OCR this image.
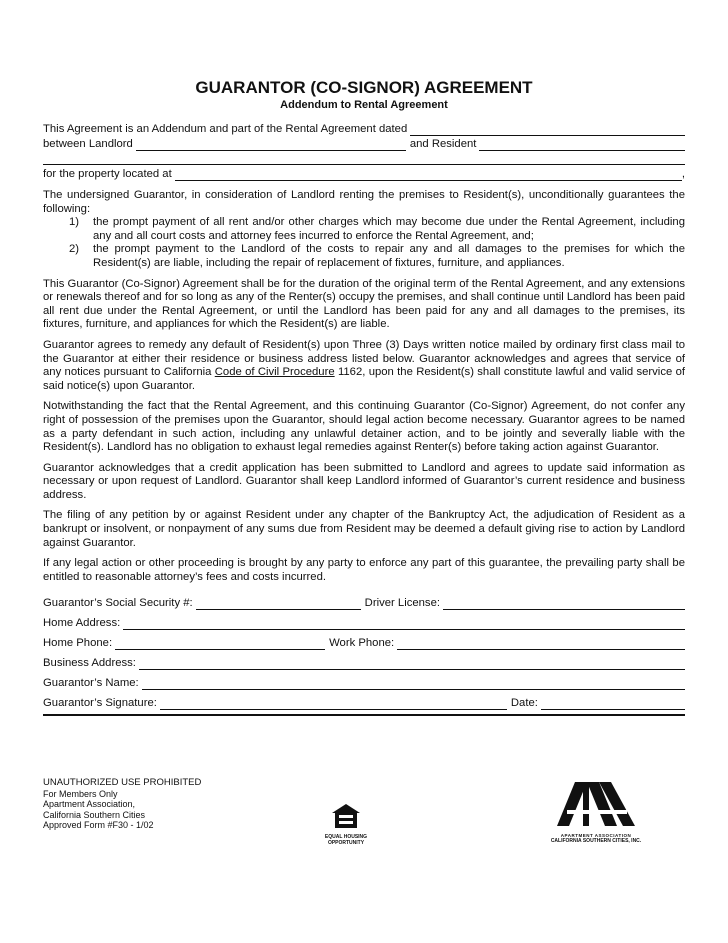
GUARANTOR (CO-SIGNOR) AGREEMENT

Addendum to Rental Agreement

This Agreement is an Addendum and part of the Rental Agreement dated
between Landlord	and Resident
for the property located at	,

The undersigned Guarantor, in consideration of Landlord renting the premises to Resident(s), unconditionally guarantees the following:

1)	the prompt payment of all rent and/or other charges which may become due under the Rental Agreement, including any and all court costs and attorney fees incurred to enforce the Rental Agreement, and;
2)	the prompt payment to the Landlord of the costs to repair any and all damages to the premises for which the Resident(s) are liable, including the repair of replacement of fixtures, furniture, and appliances.

This Guarantor (Co-Signor) Agreement shall be for the duration of the original term of the Rental Agreement, and any extensions or renewals thereof and for so long as any of the Renter(s) occupy the premises, and shall continue until Landlord has been paid all rent due under the Rental Agreement, or until the Landlord has been paid for any and all damages to the premises, its fixtures, furniture, and appliances for which the Resident(s) are liable.

Guarantor agrees to remedy any default of Resident(s) upon Three (3) Days written notice mailed by ordinary first class mail to the Guarantor at either their residence or business address listed below. Guarantor acknowledges and agrees that service of any notices pursuant to California Code of Civil Procedure 1162, upon the Resident(s) shall constitute lawful and valid service of said notice(s) upon Guarantor.

Notwithstanding the fact that the Rental Agreement, and this continuing Guarantor (Co-Signor) Agreement, do not confer any right of possession of the premises upon the Guarantor, should legal action become necessary. Guarantor agrees to be named as a party defendant in such action, including any unlawful detainer action, and to be jointly and severally liable with the Resident(s). Landlord has no obligation to exhaust legal remedies against Renter(s) before taking action against Guarantor.

Guarantor acknowledges that a credit application has been submitted to Landlord and agrees to update said information as necessary or upon request of Landlord. Guarantor shall keep Landlord informed of Guarantor’s current residence and business address.

The filing of any petition by or against Resident under any chapter of the Bankruptcy Act, the adjudication of Resident as a bankrupt or insolvent, or nonpayment of any sums due from Resident may be deemed a default giving rise to action by Landlord against Guarantor.

If any legal action or other proceeding is brought by any party to enforce any part of this guarantee, the prevailing party shall be entitled to reasonable attorney’s fees and costs incurred.

Guarantor’s Social Security #:	Driver License:
Home Address:
Home Phone:	Work Phone:
Business Address:
Guarantor’s Name:
Guarantor’s Signature:	Date:
UNAUTHORIZED USE PROHIBITED
For Members Only
Apartment Association,
California Southern Cities
Approved Form #F30 - 1/02
EQUAL HOUSING
OPPORTUNITY
APARTMENT ASSOCIATION
CALIFORNIA SOUTHERN CITIES, INC.
